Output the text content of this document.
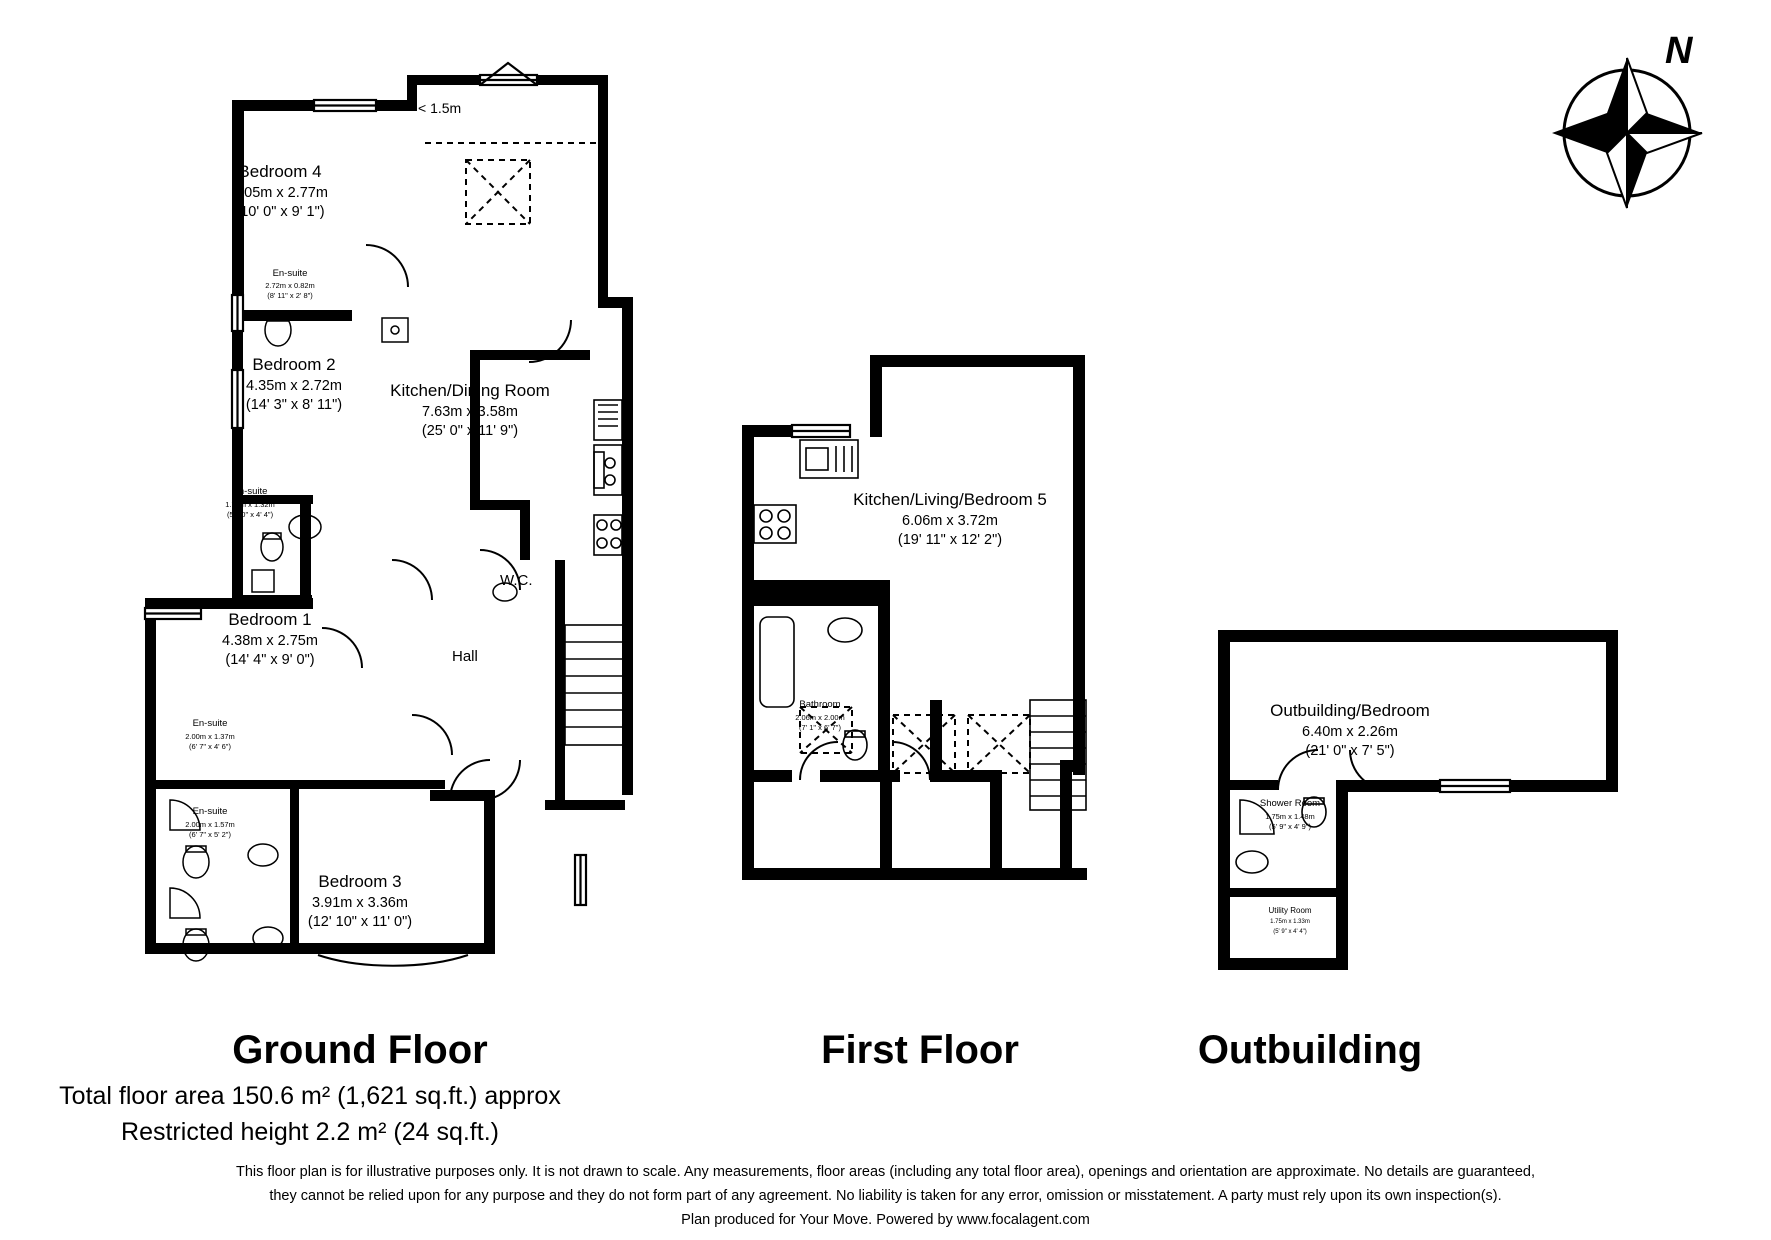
N
< 1.5m
Bedroom 4
3.05m x 2.77m
(10' 0" x 9' 1")
En-suite
2.72m x 0.82m
(8' 11" x 2' 8")
Bedroom 2
4.35m x 2.72m
(14' 3" x 8' 11")
En-suite
1.78m x 1.32m
(5' 10" x 4' 4")
Kitchen/Dining Room
7.63m x 3.58m
(25' 0" x 11' 9")
W.C.
Bedroom 1
4.38m x 2.75m
(14' 4" x 9' 0")	Hall
En-suite
2.00m x 1.37m
(6' 7" x 4' 6")
En-suite
2.00m x 1.57m
(6' 7" x 5' 2")
Bedroom 3
3.91m x 3.36m
(12' 10" x 11' 0")
Kitchen/Living/Bedroom 5
6.06m x 3.72m
(19' 11" x 12' 2")
Bathroom
2.06m x 2.00m
(7' 1" x 6' 7")
Outbuilding/Bedroom
6.40m x 2.26m
(21' 0" x 7' 5")
Shower Room
1.75m x 1.48m
(5' 9" x 4' 9")
Utility Room
1.75m x 1.33m
(5' 9" x 4' 4")
Ground Floor	First Floor	Outbuilding
Total floor area 150.6 m² (1,621 sq.ft.) approx
Restricted height 2.2 m² (24 sq.ft.)
This floor plan is for illustrative purposes only. It is not drawn to scale. Any measurements, floor areas (including any total floor area), openings and orientation are approximate. No details are guaranteed,
they cannot be relied upon for any purpose and they do not form part of any agreement. No liability is taken for any error, omission or misstatement. A party must rely upon its own inspection(s).
Plan produced for Your Move. Powered by www.focalagent.com
